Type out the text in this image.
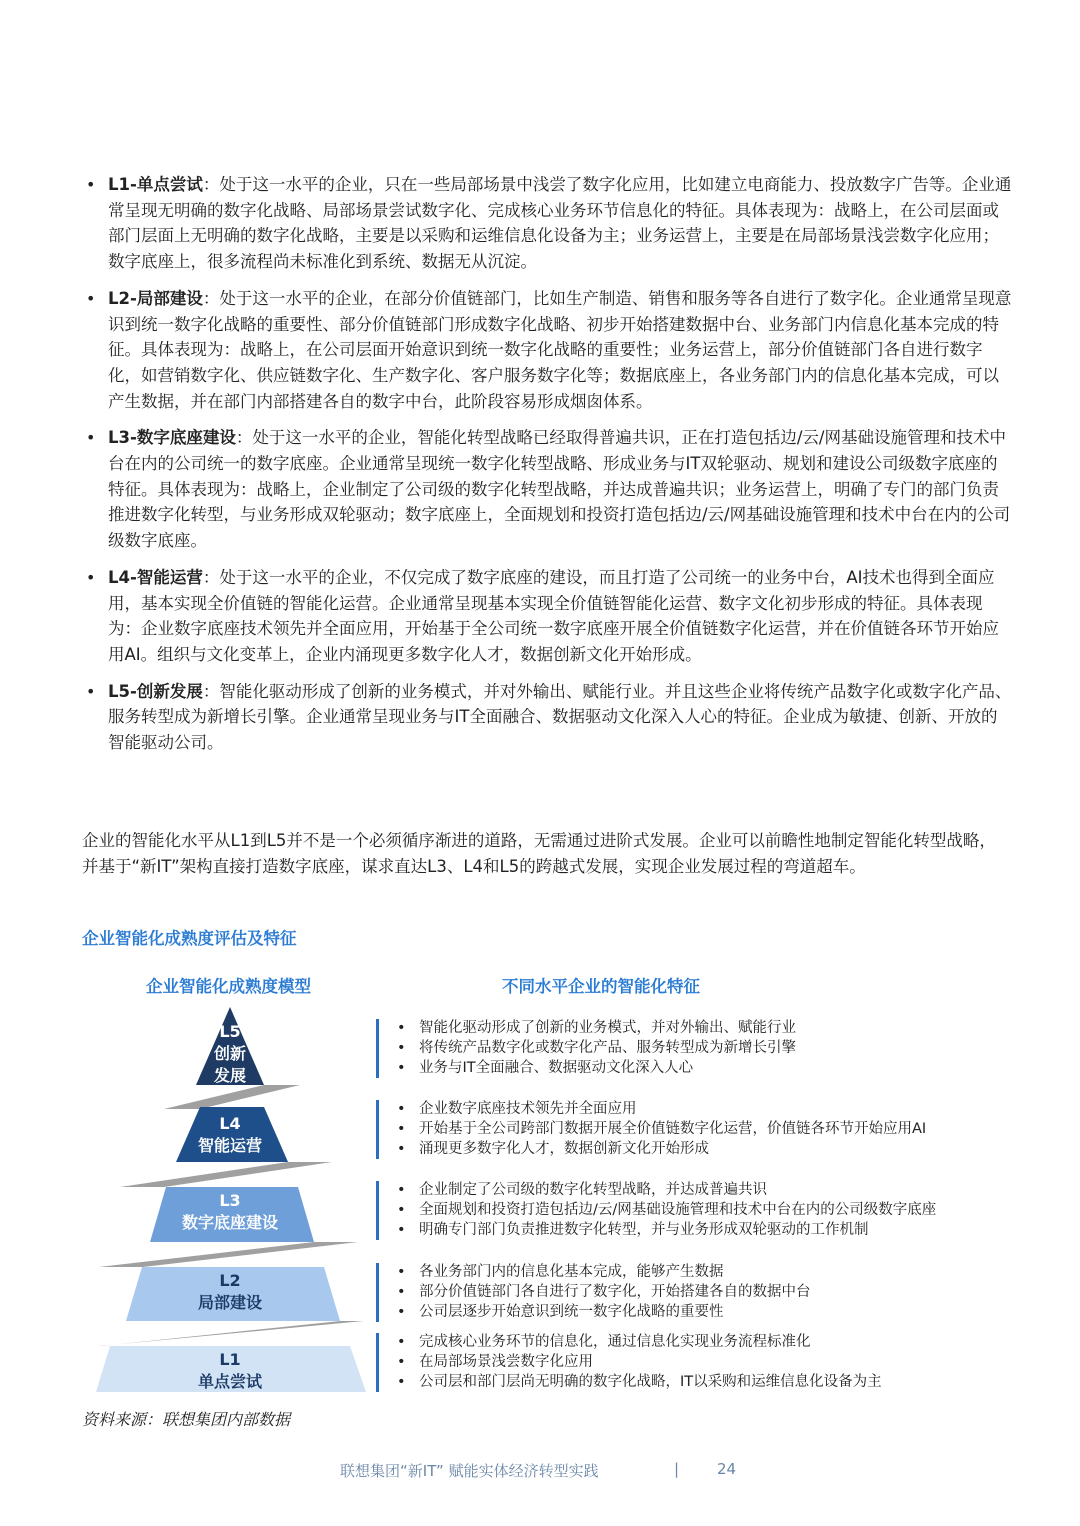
• L1-单点尝试：处于这一水平的企业，只在一些局部场景中浅尝了数字化应用，比如建立电商能力、投放数字广告等。企业通常呈现无明确的数字化战略、局部场景尝试数字化、完成核心业务环节信息化的特征。具体表现为：战略上，在公司层面或部门层面上无明确的数字化战略，主要是以采购和运维信息化设备为主；业务运营上，主要是在局部场景浅尝数字化应用；数字底座上，很多流程尚未标准化到系统、数据无从沉淀。
• L2-局部建设：处于这一水平的企业，在部分价值链部门，比如生产制造、销售和服务等各自进行了数字化。企业通常呈现意识到统一数字化战略的重要性、部分价值链部门形成数字化战略、初步开始搭建数据中台、业务部门内信息化基本完成的特征。具体表现为：战略上，在公司层面开始意识到统一数字化战略的重要性；业务运营上，部分价值链部门各自进行数字化，如营销数字化、供应链数字化、生产数字化、客户服务数字化等；数据底座上，各业务部门内的信息化基本完成，可以产生数据，并在部门内部搭建各自的数字中台，此阶段容易形成烟囱体系。
• L3-数字底座建设：处于这一水平的企业，智能化转型战略已经取得普遍共识，正在打造包括边/云/网基础设施管理和技术中台在内的公司统一的数字底座。企业通常呈现统一数字化转型战略、形成业务与IT双轮驱动、规划和建设公司级数字底座的特征。具体表现为：战略上，企业制定了公司级的数字化转型战略，并达成普遍共识；业务运营上，明确了专门的部门负责推进数字化转型，与业务形成双轮驱动；数字底座上，全面规划和投资打造包括边/云/网基础设施管理和技术中台在内的公司级数字底座。
• L4-智能运营：处于这一水平的企业，不仅完成了数字底座的建设，而且打造了公司统一的业务中台，AI技术也得到全面应用，基本实现全价值链的智能化运营。企业通常呈现基本实现全价值链智能化运营、数字文化初步形成的特征。具体表现为：企业数字底座技术领先并全面应用，开始基于全公司统一数字底座开展全价值链数字化运营，并在价值链各环节开始应用AI。组织与文化变革上，企业内涌现更多数字化人才，数据创新文化开始形成。
• L5-创新发展：智能化驱动形成了创新的业务模式，并对外输出、赋能行业。并且这些企业将传统产品数字化或数字化产品、服务转型成为新增长引擎。企业通常呈现业务与IT全面融合、数据驱动文化深入人心的特征。企业成为敏捷、创新、开放的智能驱动公司。

企业的智能化水平从L1到L5并不是一个必须循序渐进的道路，无需通过进阶式发展。企业可以前瞻性地制定智能化转型战略，并基于“新IT”架构直接打造数字底座，谋求直达L3、L4和L5的跨越式发展，实现企业发展过程的弯道超车。

企业智能化成熟度评估及特征
企业智能化成熟度模型	不同水平企业的智能化特征
L5
创新
发展
L4
智能运营
L3
数字底座建设
L2
局部建设
L1
单点尝试
• 智能化驱动形成了创新的业务模式，并对外输出、赋能行业
• 将传统产品数字化或数字化产品、服务转型成为新增长引擎
• 业务与IT全面融合、数据驱动文化深入人心
• 企业数字底座技术领先并全面应用
• 开始基于全公司跨部门数据开展全价值链数字化运营，价值链各环节开始应用AI
• 涌现更多数字化人才，数据创新文化开始形成
• 企业制定了公司级的数字化转型战略，并达成普遍共识
• 全面规划和投资打造包括边/云/网基础设施管理和技术中台在内的公司级数字底座
• 明确专门部门负责推进数字化转型，并与业务形成双轮驱动的工作机制
• 各业务部门内的信息化基本完成，能够产生数据
• 部分价值链部门各自进行了数字化，开始搭建各自的数据中台
• 公司层逐步开始意识到统一数字化战略的重要性
• 完成核心业务环节的信息化，通过信息化实现业务流程标准化
• 在局部场景浅尝数字化应用
• 公司层和部门层尚无明确的数字化战略，IT以采购和运维信息化设备为主
资料来源：联想集团内部数据
联想集团“新IT” 赋能实体经济转型实践	|	24
